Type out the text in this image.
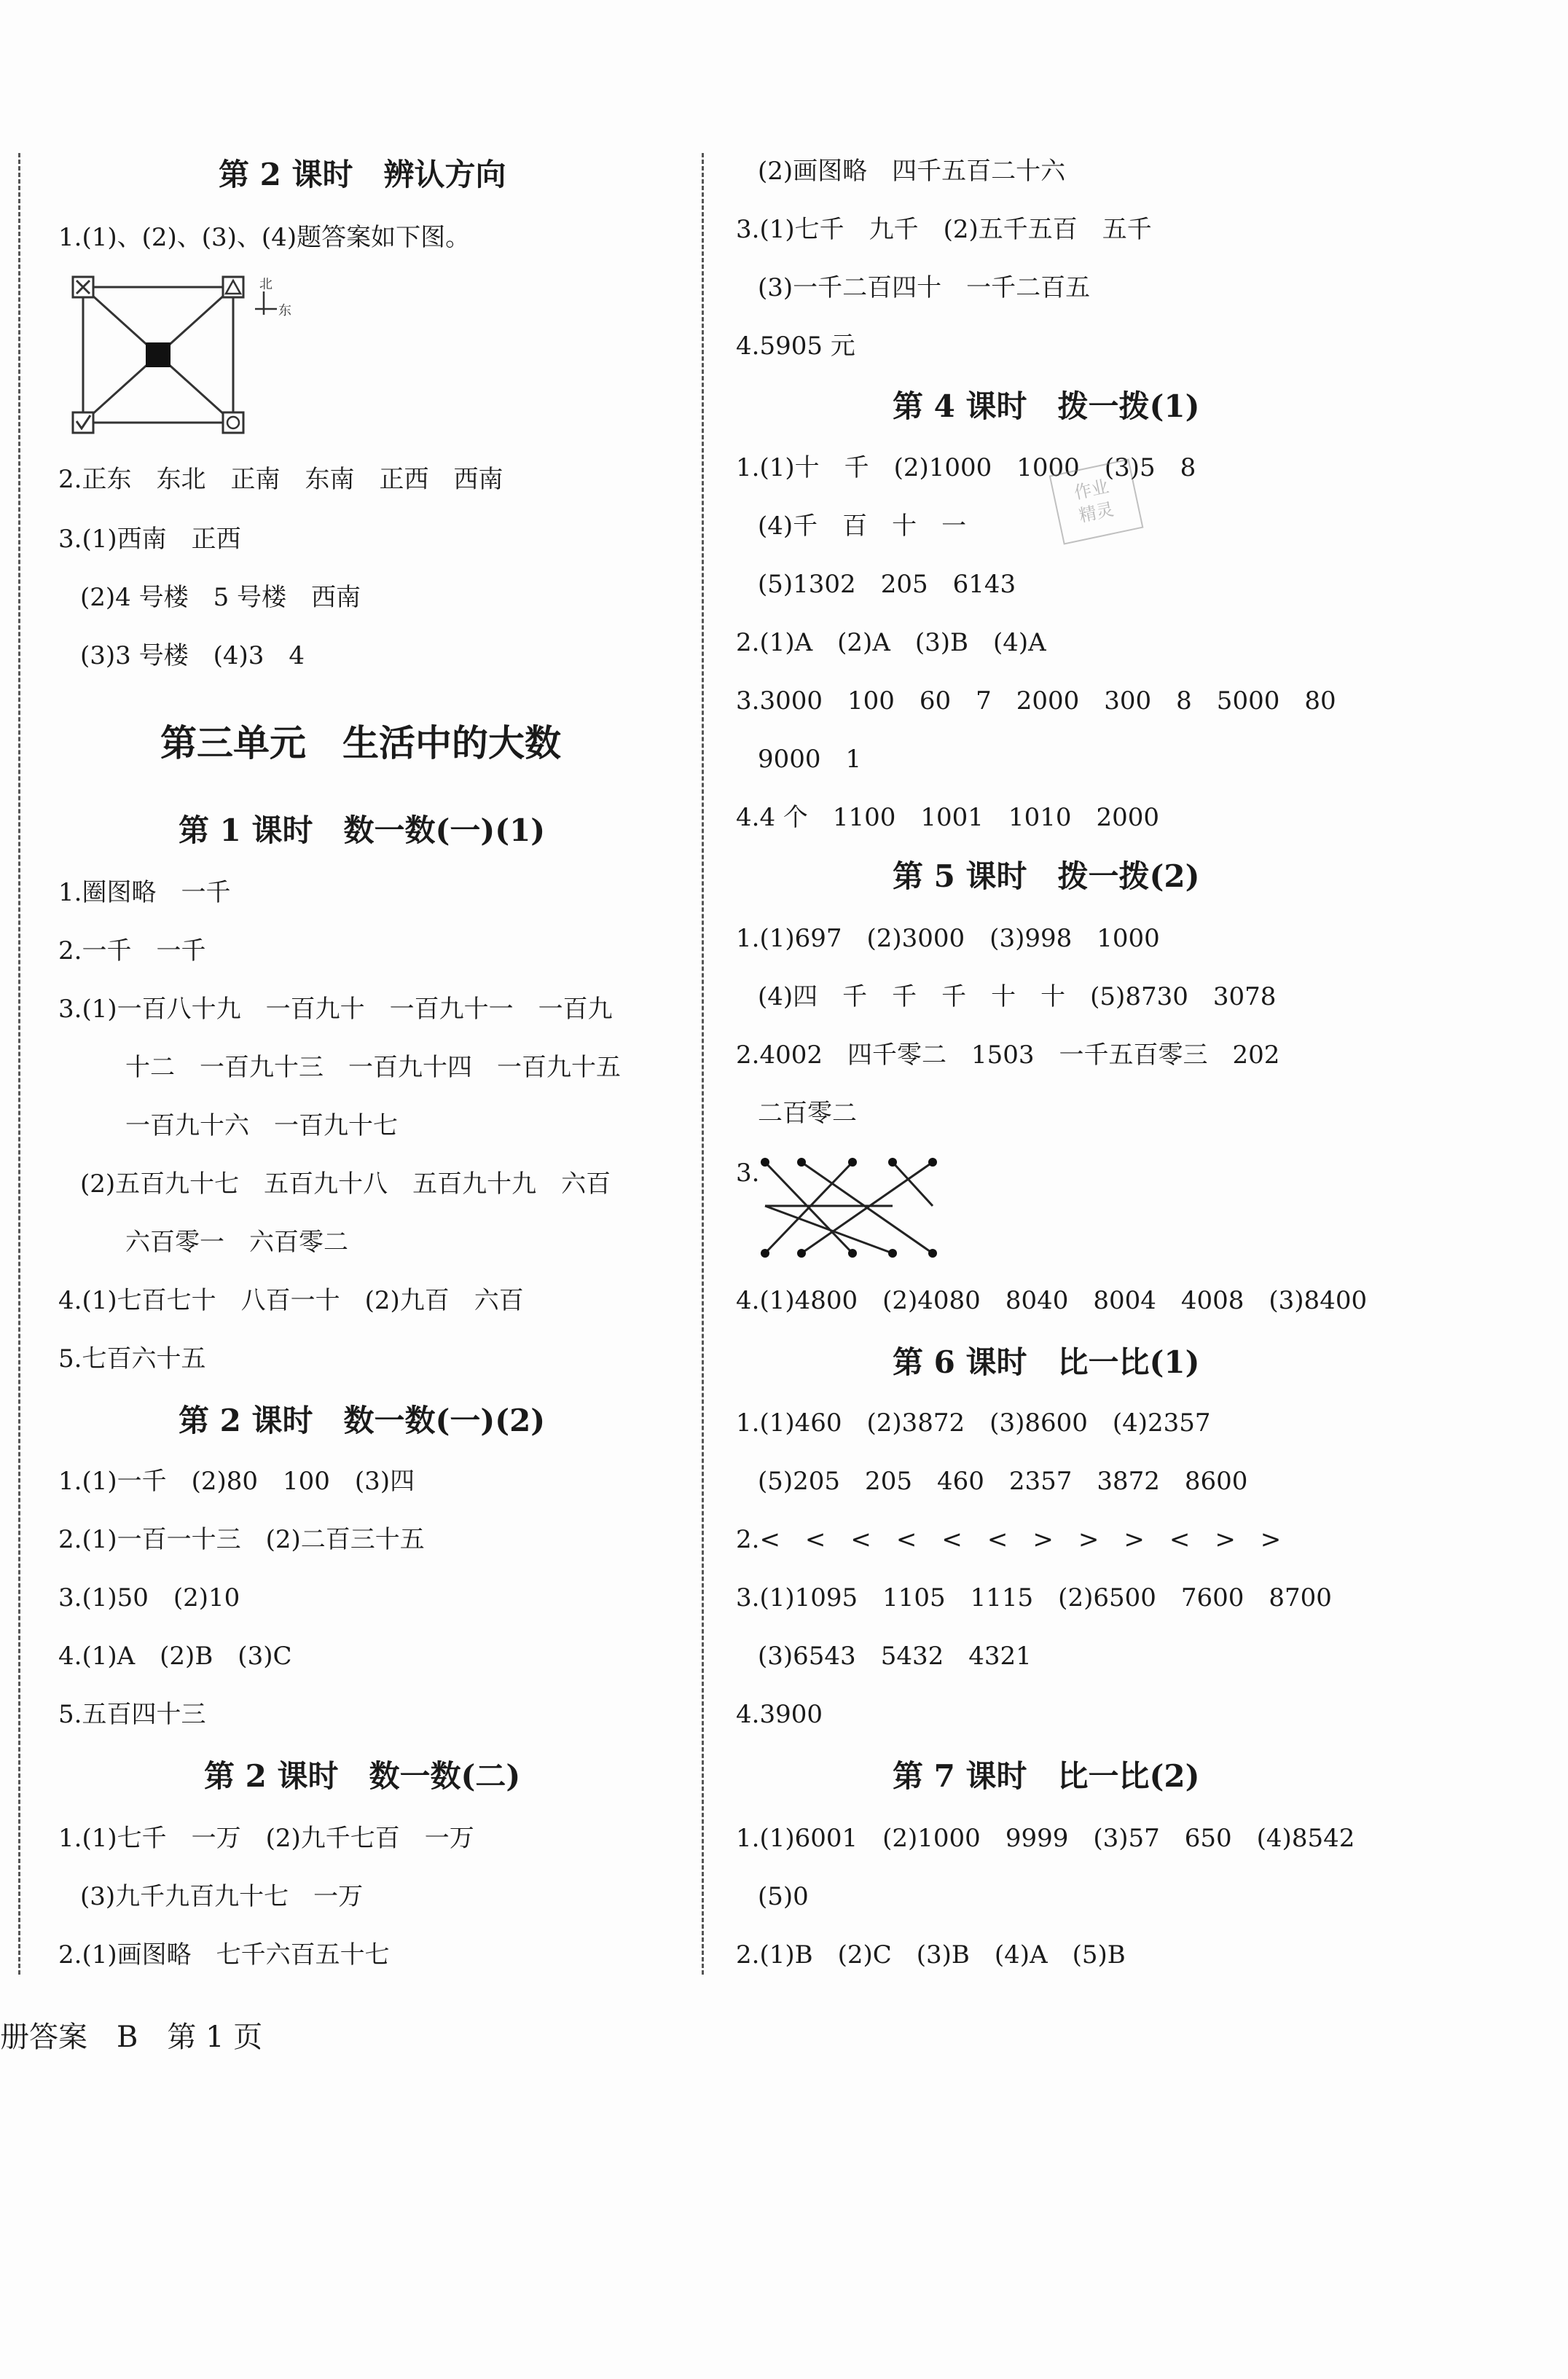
第 2 课时　辨认方向
1.(1)、(2)、(3)、(4)题答案如下图。
北
东
2.正东　东北　正南　东南　正西　西南
3.(1)西南　正西
(2)4 号楼　5 号楼　西南
(3)3 号楼　(4)3　4
第三单元　生活中的大数
第 1 课时　数一数(一)(1)
1.圈图略　一千
2.一千　一千
3.(1)一百八十九　一百九十　一百九十一　一百九
十二　一百九十三　一百九十四　一百九十五
一百九十六　一百九十七
(2)五百九十七　五百九十八　五百九十九　六百
六百零一　六百零二
4.(1)七百七十　八百一十　(2)九百　六百
5.七百六十五
第 2 课时　数一数(一)(2)
1.(1)一千　(2)80　100　(3)四
2.(1)一百一十三　(2)二百三十五
3.(1)50　(2)10
4.(1)A　(2)B　(3)C
5.五百四十三
第 2 课时　数一数(二)
1.(1)七千　一万　(2)九千七百　一万
(3)九千九百九十七　一万
2.(1)画图略　七千六百五十七
(2)画图略　四千五百二十六
3.(1)七千　九千　(2)五千五百　五千
(3)一千二百四十　一千二百五
4.5905 元
第 4 课时　拨一拨(1)
1.(1)十　千　(2)1000　1000　(3)5　8
(4)千　百　十　一
(5)1302　205　6143
2.(1)A　(2)A　(3)B　(4)A
3.3000　100　60　7　2000　300　8　5000　80
9000　1
4.4 个　1100　1001　1010　2000
作业
精灵
第 5 课时　拨一拨(2)
1.(1)697　(2)3000　(3)998　1000
(4)四　千　千　千　十　十　(5)8730　3078
2.4002　四千零二　1503　一千五百零三　202
二百零二
3.
4.(1)4800　(2)4080　8040　8004　4008　(3)8400
第 6 课时　比一比(1)
1.(1)460　(2)3872　(3)8600　(4)2357
(5)205　205　460　2357　3872　8600
2.<　<　<　<　<　<　>　>　>　<　>　>
3.(1)1095　1105　1115　(2)6500　7600　8700
(3)6543　5432　4321
4.3900
第 7 课时　比一比(2)
1.(1)6001　(2)1000　9999　(3)57　650　(4)8542
(5)0
2.(1)B　(2)C　(3)B　(4)A　(5)B
册答案　B　第 1 页
